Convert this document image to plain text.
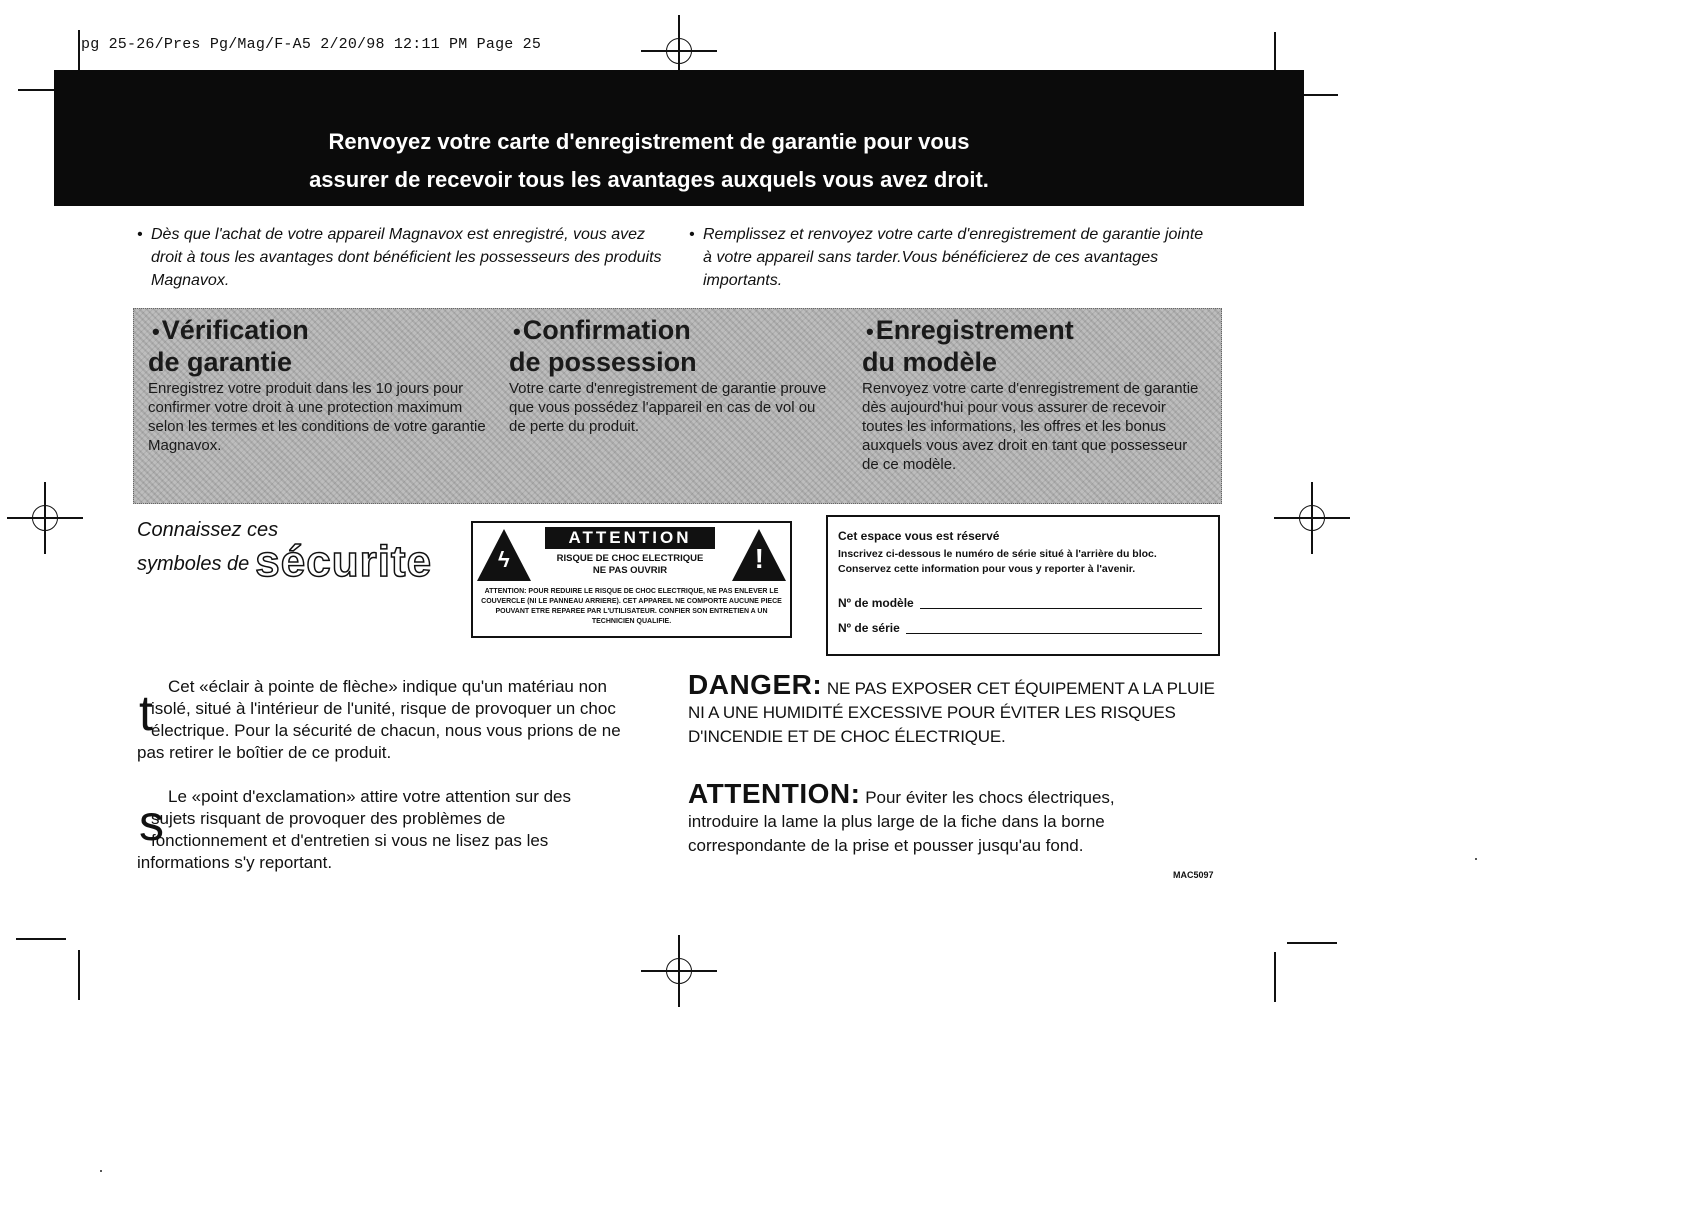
pg 25-26/Pres Pg/Mag/F-A5 2/20/98 12:11 PM Page 25
Renvoyez votre carte d'enregistrement de garantie pour vous
assurer de recevoir tous les avantages auxquels vous avez droit.
• Dès que l'achat de votre appareil Magnavox est enregistré, vous avez droit à tous les avantages dont bénéficient les possesseurs des produits Magnavox.
• Remplissez et renvoyez votre carte d'enregistrement de garantie jointe à votre appareil sans tarder.Vous bénéficierez de ces avantages importants.
• Vérification
de garantie
Enregistrez votre produit dans les 10 jours pour confirmer votre droit à une protection maximum selon les termes et les conditions de votre garantie Magnavox.
• Confirmation
de possession
Votre carte d'enregistrement de garantie prouve que vous possédez l'appareil en cas de vol ou de perte du produit.
• Enregistrement
du modèle
Renvoyez votre carte d'enregistrement de garantie dès aujourd'hui pour vous assurer de recevoir toutes les informations, les offres et les bonus auxquels vous avez droit en tant que possesseur de ce modèle.
Connaissez ces
symboles de sécurite	ϟ
ATTENTION
RISQUE DE CHOC ELECTRIQUE
NE PAS OUVRIR	!
ATTENTION: POUR REDUIRE LE RISQUE DE CHOC ELECTRIQUE, NE PAS ENLEVER LE COUVERCLE (NI LE PANNEAU ARRIERE). CET APPAREIL NE COMPORTE AUCUNE PIECE POUVANT ETRE REPAREE PAR L'UTILISATEUR. CONFIER SON ENTRETIEN A UN TECHNICIEN QUALIFIE.
Cet espace vous est réservé
Inscrivez ci-dessous le numéro de série situé à l'arrière du bloc.
Conservez cette information pour vous y reporter à l'avenir.
Nº de modèle
Nº de série
t Cet «éclair à pointe de flèche» indique qu'un matériau non
isolé, situé à l'intérieur de l'unité, risque de provoquer un choc
électrique. Pour la sécurité de chacun, nous vous prions de ne
pas retirer le boîtier de ce produit.
s Le «point d'exclamation» attire votre attention sur des
sujets risquant de provoquer des problèmes de
fonctionnement et d'entretien si vous ne lisez pas les
informations s'y reportant.
DANGER: NE PAS EXPOSER CET ÉQUIPEMENT A LA PLUIE
NI A UNE HUMIDITÉ EXCESSIVE POUR ÉVITER LES RISQUES
D'INCENDIE ET DE CHOC ÉLECTRIQUE.
ATTENTION: Pour éviter les chocs électriques,
introduire la lame la plus large de la fiche dans la borne
correspondante de la prise et pousser jusqu'au fond.
MAC5097
